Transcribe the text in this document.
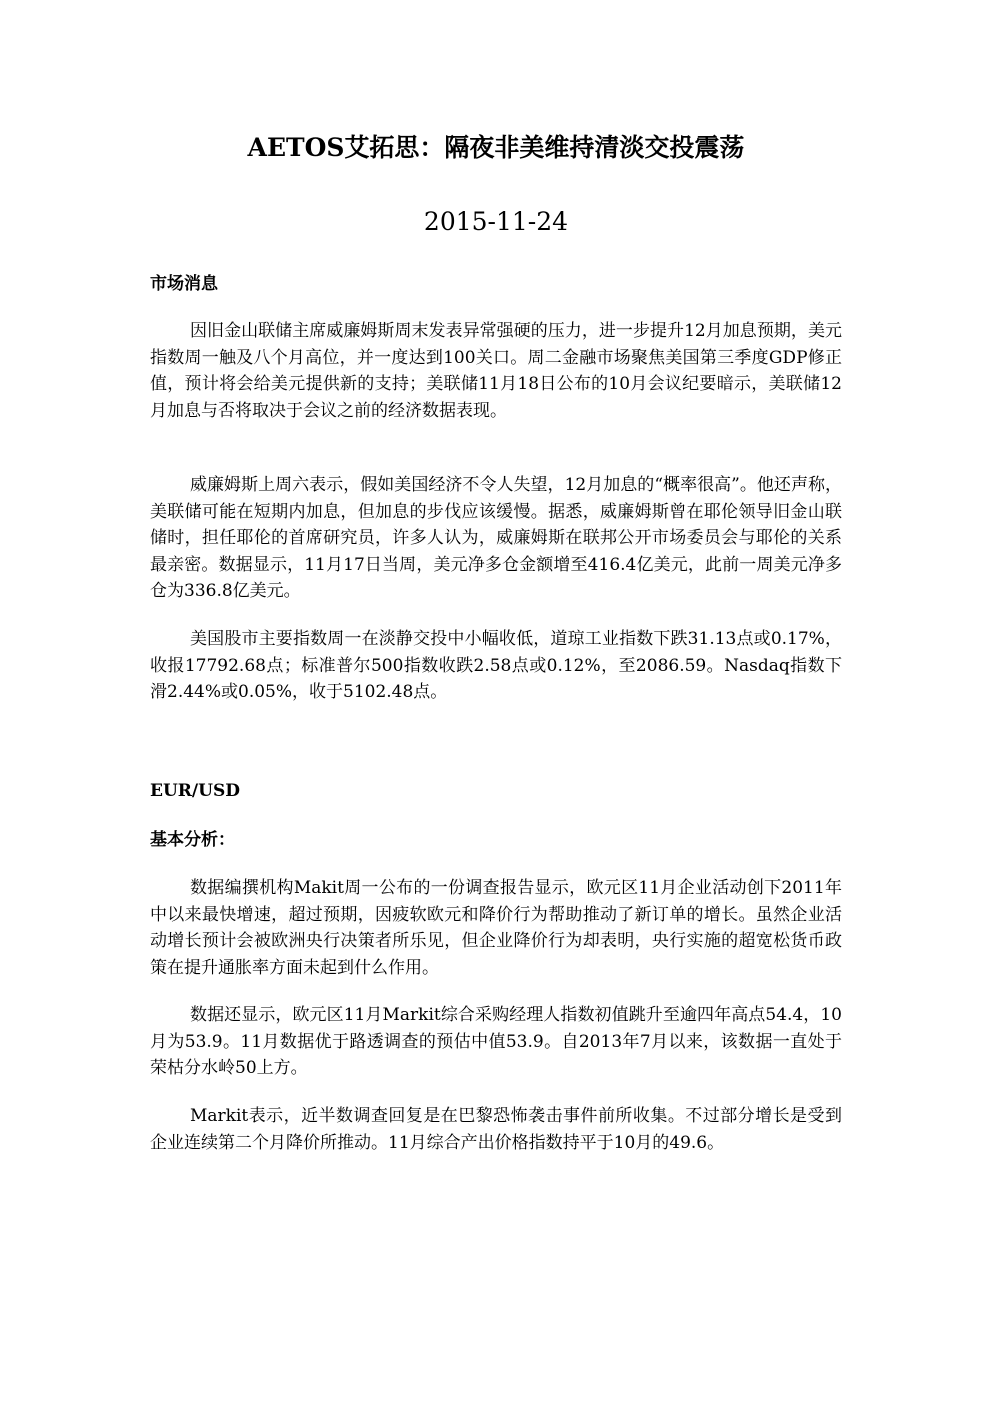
AETOS艾拓思：隔夜非美维持清淡交投震荡
2015-11-24
市场消息

因旧金山联储主席威廉姆斯周末发表异常强硬的压力，进一步提升12月加息预期，美元指数周一触及八个月高位，并一度达到100关口。周二金融市场聚焦美国第三季度GDP修正值，预计将会给美元提供新的支持；美联储11月18日公布的10月会议纪要暗示，美联储12月加息与否将取决于会议之前的经济数据表现。

威廉姆斯上周六表示，假如美国经济不令人失望，12月加息的“概率很高”。他还声称，美联储可能在短期内加息，但加息的步伐应该缓慢。据悉，威廉姆斯曾在耶伦领导旧金山联储时，担任耶伦的首席研究员，许多人认为，威廉姆斯在联邦公开市场委员会与耶伦的关系最亲密。数据显示，11月17日当周，美元净多仓金额增至416.4亿美元，此前一周美元净多仓为336.8亿美元。

美国股市主要指数周一在淡静交投中小幅收低，道琼工业指数下跌31.13点或0.17%，收报17792.68点；标准普尔500指数收跌2.58点或0.12%，至2086.59。Nasdaq指数下滑2.44%或0.05%，收于5102.48点。

EUR/USD
基本分析：

数据编撰机构Makit周一公布的一份调查报告显示，欧元区11月企业活动创下2011年中以来最快增速，超过预期，因疲软欧元和降价行为帮助推动了新订单的增长。虽然企业活动增长预计会被欧洲央行决策者所乐见，但企业降价行为却表明，央行实施的超宽松货币政策在提升通胀率方面未起到什么作用。

数据还显示，欧元区11月Markit综合采购经理人指数初值跳升至逾四年高点54.4，10月为53.9。11月数据优于路透调查的预估中值53.9。自2013年7月以来，该数据一直处于荣枯分水岭50上方。

Markit表示，近半数调查回复是在巴黎恐怖袭击事件前所收集。不过部分增长是受到企业连续第二个月降价所推动。11月综合产出价格指数持平于10月的49.6。
